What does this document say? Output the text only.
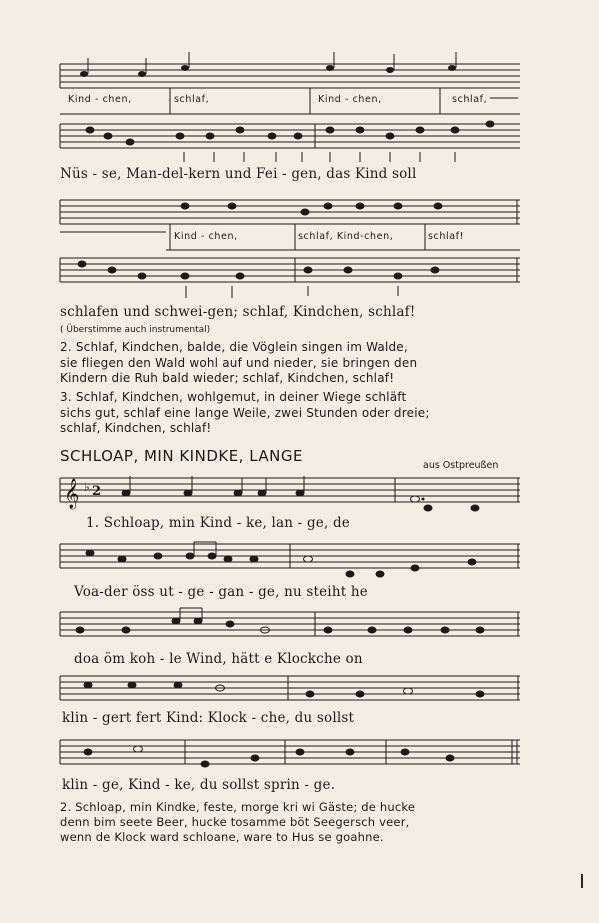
Kind - chen,	schlaf,	Kind - chen,	schlaf,
Nüs - se, Man-del-kern und Fei - gen, das Kind soll
Kind - chen,	schlaf, Kind-chen,	schlaf!
schlafen und schwei-gen; schlaf, Kindchen, schlaf!
( Überstimme auch instrumental)
2. Schlaf, Kindchen, balde, die Vöglein singen im Walde,
sie fliegen den Wald wohl auf und nieder, sie bringen den
Kindern die Ruh bald wieder; schlaf, Kindchen, schlaf!
3. Schlaf, Kindchen, wohlgemut, in deiner Wiege schläft
sichs gut, schlaf eine lange Weile, zwei Stunden oder dreie;
schlaf, Kindchen, schlaf!
SCHLOAP, MIN KINDKE, LANGE
aus Ostpreußen
𝄞 ♭ 2
1. Schloap, min Kind - ke, lan - ge, de
Voa-der öss ut - ge - gan - ge, nu steiht he
doa öm koh - le Wind, hätt e Klockche on
klin - gert fert Kind: Klock - che, du sollst
klin - ge, Kind - ke, du sollst sprin - ge.
2. Schloap, min Kindke, feste, morge kri wi Gäste; de hucke
denn bim seete Beer, hucke tosamme böt Seegersch veer,
wenn de Klock ward schloane, ware to Hus se goahne.
